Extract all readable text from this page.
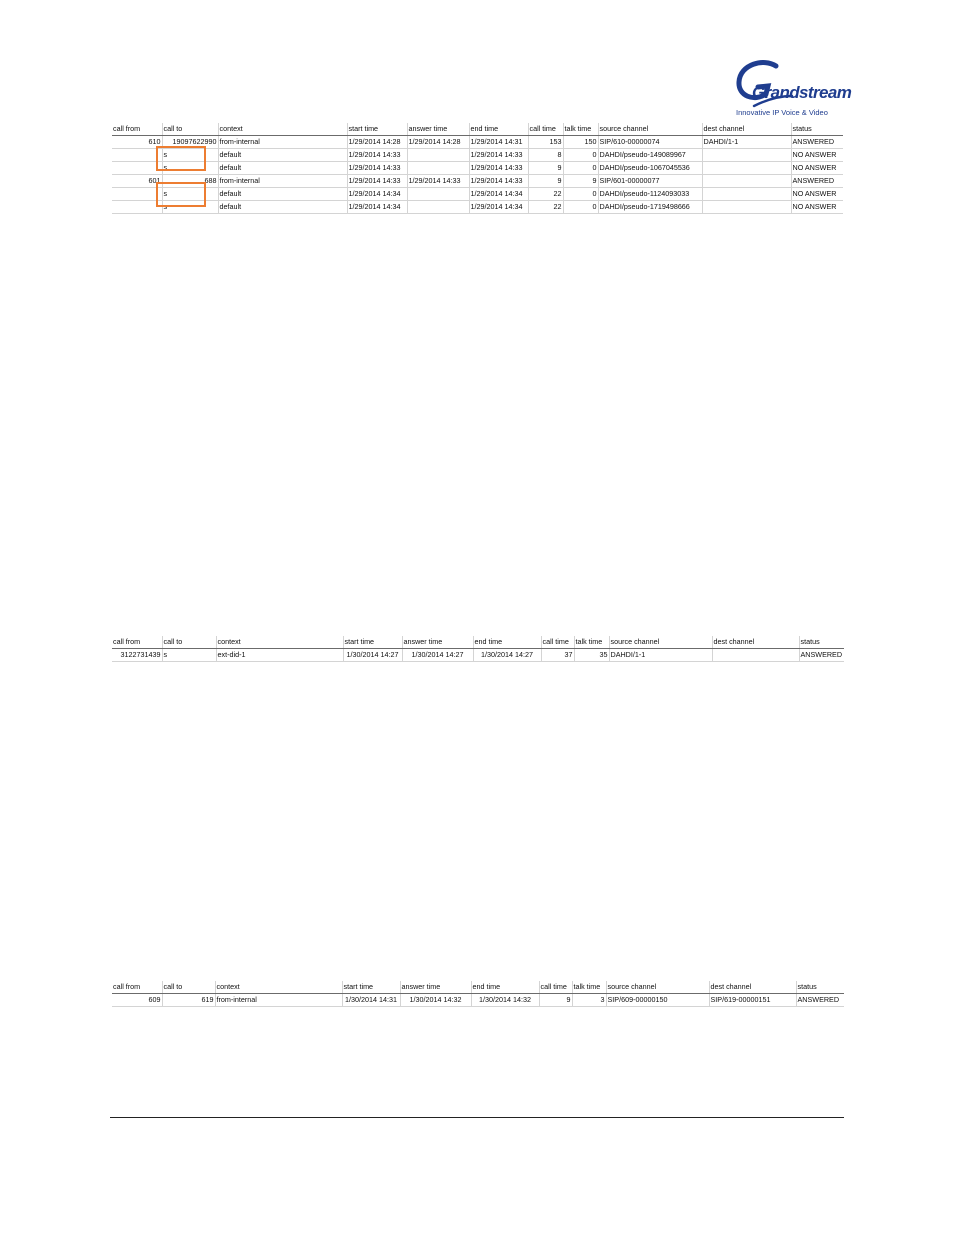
Grandstream
Innovative IP Voice & Video
call from	call to	context	start time	answer time	end time	call time	talk time	source channel	dest channel	status
610	19097622990	from-internal	1/29/2014 14:28	1/29/2014 14:28	1/29/2014 14:31	153	150	SIP/610-00000074	DAHDI/1-1	ANSWERED
	s	default	1/29/2014 14:33		1/29/2014 14:33	8	0	DAHDI/pseudo-149089967		NO ANSWER
	s	default	1/29/2014 14:33		1/29/2014 14:33	9	0	DAHDI/pseudo-1067045536		NO ANSWER
601	688	from-internal	1/29/2014 14:33	1/29/2014 14:33	1/29/2014 14:33	9	9	SIP/601-00000077		ANSWERED
	s	default	1/29/2014 14:34		1/29/2014 14:34	22	0	DAHDI/pseudo-1124093033		NO ANSWER
	s	default	1/29/2014 14:34		1/29/2014 14:34	22	0	DAHDI/pseudo-1719498666		NO ANSWER
call from	call to	context	start time	answer time	end time	call time	talk time	source channel	dest channel	status
3122731439	s	ext-did-1	1/30/2014 14:27	1/30/2014 14:27	1/30/2014 14:27	37	35	DAHDI/1-1		ANSWERED
call from	call to	context	start time	answer time	end time	call time	talk time	source channel	dest channel	status
609	619	from-internal	1/30/2014 14:31	1/30/2014 14:32	1/30/2014 14:32	9	3	SIP/609-00000150	SIP/619-00000151	ANSWERED
